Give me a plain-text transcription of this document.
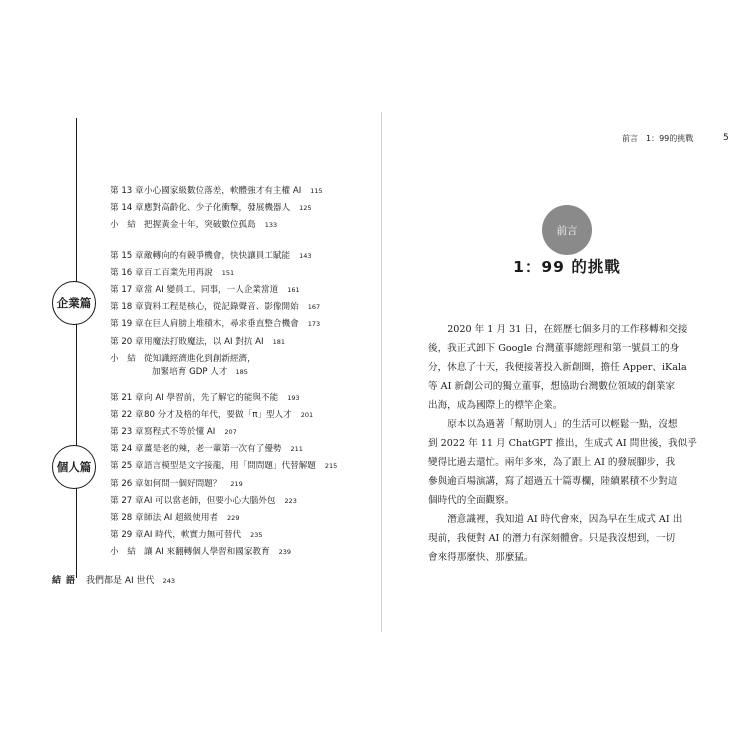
企業篇
個人篇
第 13 章小心國家級數位落差，軟體強才有主權 AI 115
第 14 章應對高齡化、少子化衝擊，發展機器人 125
小　結 把握黃金十年，突破數位孤島 133
第 15 章敵轉向的有競爭機會，快快讓員工賦能 143
第 16 章百工百業先用再說 151
第 17 章當 AI 變員工、同事，一人企業當道 161
第 18 章資料工程是核心，從記錄聲音、影像開始 167
第 19 章在巨人肩膀上堆積木，尋求垂直整合機會 173
第 20 章用魔法打敗魔法，以 AI 對抗 AI 181
小　結 從知識經濟進化到創新經濟，
第 21 章向 AI 學習前，先了解它的能與不能 193
第 22 章80 分才及格的年代，要做「π」型人才 201
第 23 章寫程式不等於懂 AI 207
第 24 章薑是老的辣，老一輩第一次有了優勢 211
第 25 章語言模型是文字接龍，用「問問題」代替解題 215
第 26 章如何問一個好問題？ 219
第 27 章AI 可以當老師，但要小心大腦外包 223
第 28 章師法 AI 超級使用者 229
第 29 章AI 時代，軟實力無可替代 235
小　結 讓 AI 來翻轉個人學習和國家教育 239
加緊培育 GDP 人才 185
結語 我們都是 AI 世代 243
前言　1：99的挑戰	5
前言
1：99 的挑戰
2020 年 1 月 31 日，在經歷七個多月的工作移轉和交接
後，我正式卸下 Google 台灣董事總經理和第一號員工的身
分，休息了十天，我便接著投入新創圈，擔任 Apper、iKala
等 AI 新創公司的獨立董事，想協助台灣數位領域的創業家
出海，成為國際上的標竿企業。
原本以為過著「幫助別人」的生活可以輕鬆一點，沒想
到 2022 年 11 月 ChatGPT 推出，生成式 AI 問世後，我似乎
變得比過去還忙。兩年多來，為了跟上 AI 的發展腳步，我
參與逾百場演講，寫了超過五十篇專欄，陸續累積不少對這
個時代的全面觀察。
潛意識裡，我知道 AI 時代會來，因為早在生成式 AI 出
現前，我便對 AI 的潛力有深刻體會。只是我沒想到，一切
會來得那麼快、那麼猛。
